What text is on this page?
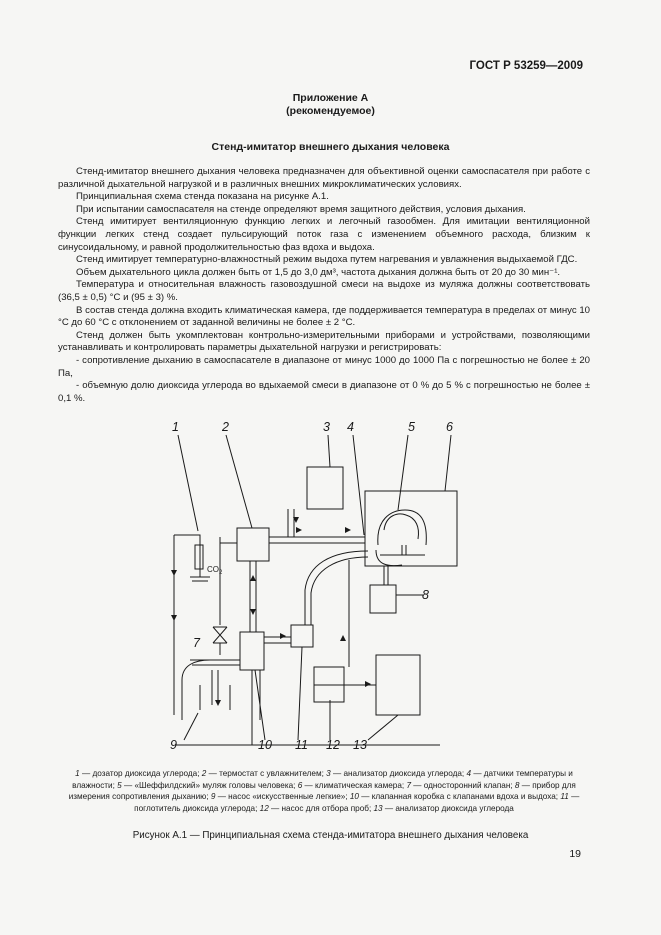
ГОСТ Р 53259—2009
Приложение А
(рекомендуемое)
Стенд-имитатор внешнего дыхания человека

Стенд-имитатор внешнего дыхания человека предназначен для объективной оценки самоспасателя при работе с различной дыхательной нагрузкой и в различных внешних микроклиматических условиях.

Принципиальная схема стенда показана на рисунке А.1.

При испытании самоспасателя на стенде определяют время защитного действия, условия дыхания.

Стенд имитирует вентиляционную функцию легких и легочный газообмен. Для имитации вентиляционной функции легких стенд создает пульсирующий поток газа с изменением объемного расхода, близким к синусоидальному, и равной продолжительностью фаз вдоха и выдоха.

Стенд имитирует температурно-влажностный режим выдоха путем нагревания и увлажнения выдыхаемой ГДС.

Объем дыхательного цикла должен быть от 1,5 до 3,0 дм³, частота дыхания должна быть от 20 до 30 мин⁻¹.

Температура и относительная влажность газовоздушной смеси на выдохе из муляжа должны соответствовать (36,5 ± 0,5) °С и (95 ± 3) %.

В состав стенда должна входить климатическая камера, где поддерживается температура в пределах от минус 10 °С до 60 °С с отклонением от заданной величины не более ± 2 °С.

Стенд должен быть укомплектован контрольно-измерительными приборами и устройствами, позволяющими устанавливать и контролировать параметры дыхательной нагрузки и регистрировать:

- сопротивление дыханию в самоспасателе в диапазоне от минус 1000 до 1000 Па с погрешностью не более ± 20 Па,

- объемную долю диоксида углерода во вдыхаемой смеси в диапазоне от 0 % до 5 % с погрешностью не более ± 0,1 %.

$CO_2$
1	2	3 4	5 6
7
8
9	10 11 12 13
1 — дозатор диоксида углерода; 2 — термостат с увлажнителем; 3 — анализатор диоксида углерода; 4 — датчики температуры и влажности; 5 — «Шеффилдский» муляж головы человека; 6 — климатическая камера; 7 — односторонний клапан; 8 — прибор для измерения сопротивления дыханию; 9 — насос «искусственные легкие»; 10 — клапанная коробка с клапанами вдоха и выдоха; 11 — поглотитель диоксида углерода; 12 — насос для отбора проб; 13 — анализатор диоксида углерода
Рисунок А.1 — Принципиальная схема стенда-имитатора внешнего дыхания человека
19
